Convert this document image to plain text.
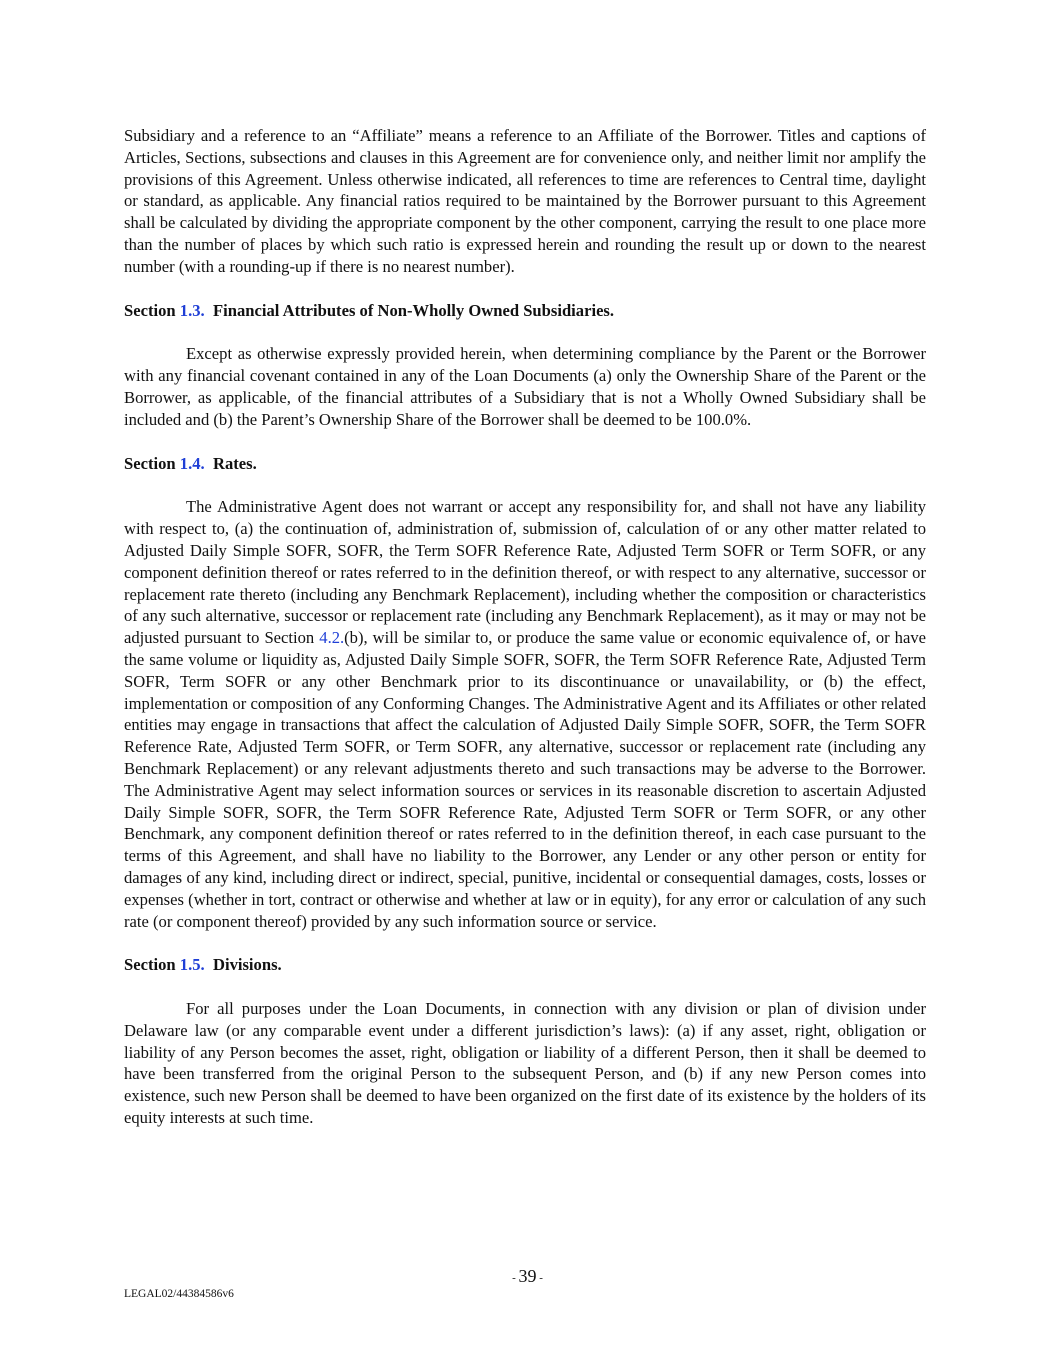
Subsidiary and a reference to an “Affiliate” means a reference to an Affiliate of the Borrower. Titles and captions of Articles, Sections, subsections and clauses in this Agreement are for convenience only, and neither limit nor amplify the provisions of this Agreement. Unless otherwise indicated, all references to time are references to Central time, daylight or standard, as applicable. Any financial ratios required to be maintained by the Borrower pursuant to this Agreement shall be calculated by dividing the appropriate component by the other component, carrying the result to one place more than the number of places by which such ratio is expressed herein and rounding the result up or down to the nearest number (with a rounding-up if there is no nearest number).

Section 1.3. Financial Attributes of Non-Wholly Owned Subsidiaries.

Except as otherwise expressly provided herein, when determining compliance by the Parent or the Borrower with any financial covenant contained in any of the Loan Documents (a) only the Ownership Share of the Parent or the Borrower, as applicable, of the financial attributes of a Subsidiary that is not a Wholly Owned Subsidiary shall be included and (b) the Parent’s Ownership Share of the Borrower shall be deemed to be 100.0%.

Section 1.4. Rates.

The Administrative Agent does not warrant or accept any responsibility for, and shall not have any liability with respect to, (a) the continuation of, administration of, submission of, calculation of or any other matter related to Adjusted Daily Simple SOFR, SOFR, the Term SOFR Reference Rate, Adjusted Term SOFR or Term SOFR, or any component definition thereof or rates referred to in the definition thereof, or with respect to any alternative, successor or replacement rate thereto (including any Benchmark Replacement), including whether the composition or characteristics of any such alternative, successor or replacement rate (including any Benchmark Replacement), as it may or may not be adjusted pursuant to Section 4.2.(b), will be similar to, or produce the same value or economic equivalence of, or have the same volume or liquidity as, Adjusted Daily Simple SOFR, SOFR, the Term SOFR Reference Rate, Adjusted Term SOFR, Term SOFR or any other Benchmark prior to its discontinuance or unavailability, or (b) the effect, implementation or composition of any Conforming Changes. The Administrative Agent and its Affiliates or other related entities may engage in transactions that affect the calculation of Adjusted Daily Simple SOFR, SOFR, the Term SOFR Reference Rate, Adjusted Term SOFR, or Term SOFR, any alternative, successor or replacement rate (including any Benchmark Replacement) or any relevant adjustments thereto and such transactions may be adverse to the Borrower. The Administrative Agent may select information sources or services in its reasonable discretion to ascertain Adjusted Daily Simple SOFR, SOFR, the Term SOFR Reference Rate, Adjusted Term SOFR or Term SOFR, or any other Benchmark, any component definition thereof or rates referred to in the definition thereof, in each case pursuant to the terms of this Agreement, and shall have no liability to the Borrower, any Lender or any other person or entity for damages of any kind, including direct or indirect, special, punitive, incidental or consequential damages, costs, losses or expenses (whether in tort, contract or otherwise and whether at law or in equity), for any error or calculation of any such rate (or component thereof) provided by any such information source or service.

Section 1.5. Divisions.

For all purposes under the Loan Documents, in connection with any division or plan of division under Delaware law (or any comparable event under a different jurisdiction’s laws): (a) if any asset, right, obligation or liability of any Person becomes the asset, right, obligation or liability of a different Person, then it shall be deemed to have been transferred from the original Person to the subsequent Person, and (b) if any new Person comes into existence, such new Person shall be deemed to have been organized on the first date of its existence by the holders of its equity interests at such time.

- 39 -
LEGAL02/44384586v6
